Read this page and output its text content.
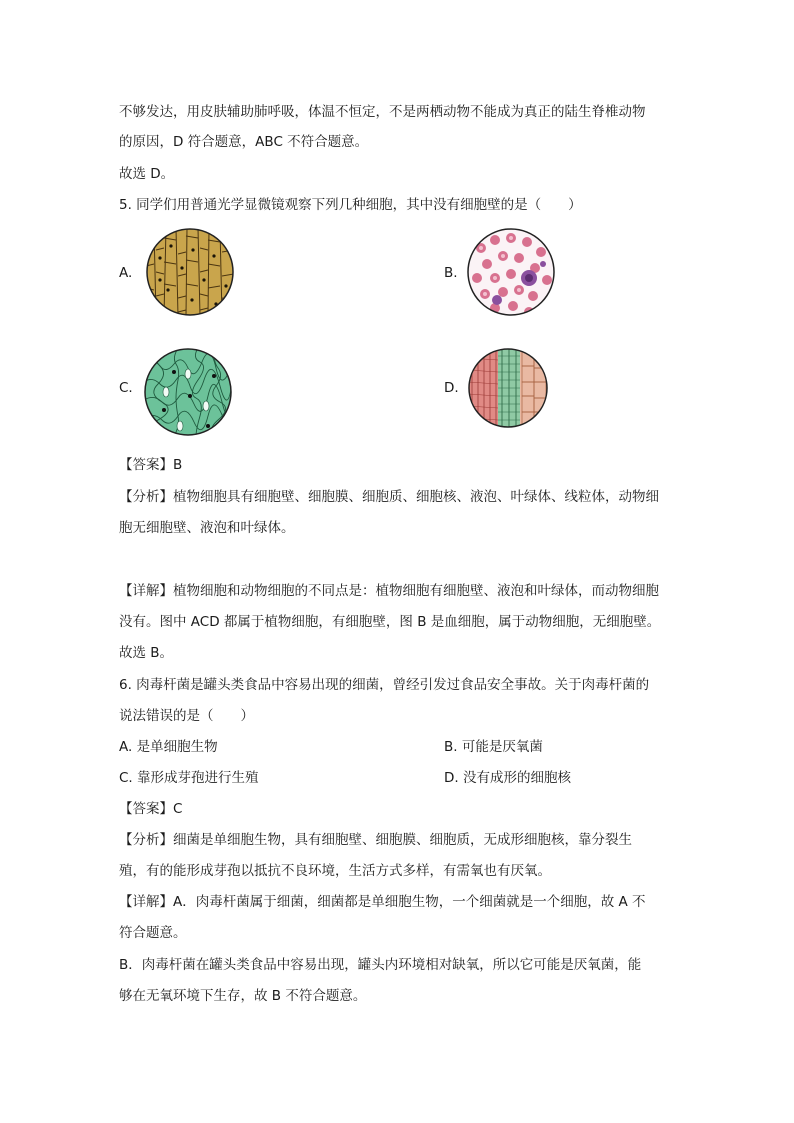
不够发达，用皮肤辅助肺呼吸，体温不恒定，不是两栖动物不能成为真正的陆生脊椎动物
的原因，D 符合题意，ABC 不符合题意。
故选 D。
5. 同学们用普通光学显微镜观察下列几种细胞，其中没有细胞壁的是（　　）
A.	B.
C.	D.
【答案】B
【分析】植物细胞具有细胞壁、细胞膜、细胞质、细胞核、液泡、叶绿体、线粒体，动物细
胞无细胞壁、液泡和叶绿体。
【详解】植物细胞和动物细胞的不同点是：植物细胞有细胞壁、液泡和叶绿体，而动物细胞
没有。图中 ACD 都属于植物细胞，有细胞壁，图 B 是血细胞，属于动物细胞，无细胞壁。
故选 B。
6. 肉毒杆菌是罐头类食品中容易出现的细菌，曾经引发过食品安全事故。关于肉毒杆菌的
说法错误的是（　　）
A. 是单细胞生物	B. 可能是厌氧菌
C. 靠形成芽孢进行生殖	D. 没有成形的细胞核
【答案】C
【分析】细菌是单细胞生物，具有细胞壁、细胞膜、细胞质，无成形细胞核，靠分裂生
殖，有的能形成芽孢以抵抗不良环境，生活方式多样，有需氧也有厌氧。
【详解】A．肉毒杆菌属于细菌，细菌都是单细胞生物，一个细菌就是一个细胞，故 A 不
符合题意。
B．肉毒杆菌在罐头类食品中容易出现，罐头内环境相对缺氧，所以它可能是厌氧菌，能
够在无氧环境下生存，故 B 不符合题意。
